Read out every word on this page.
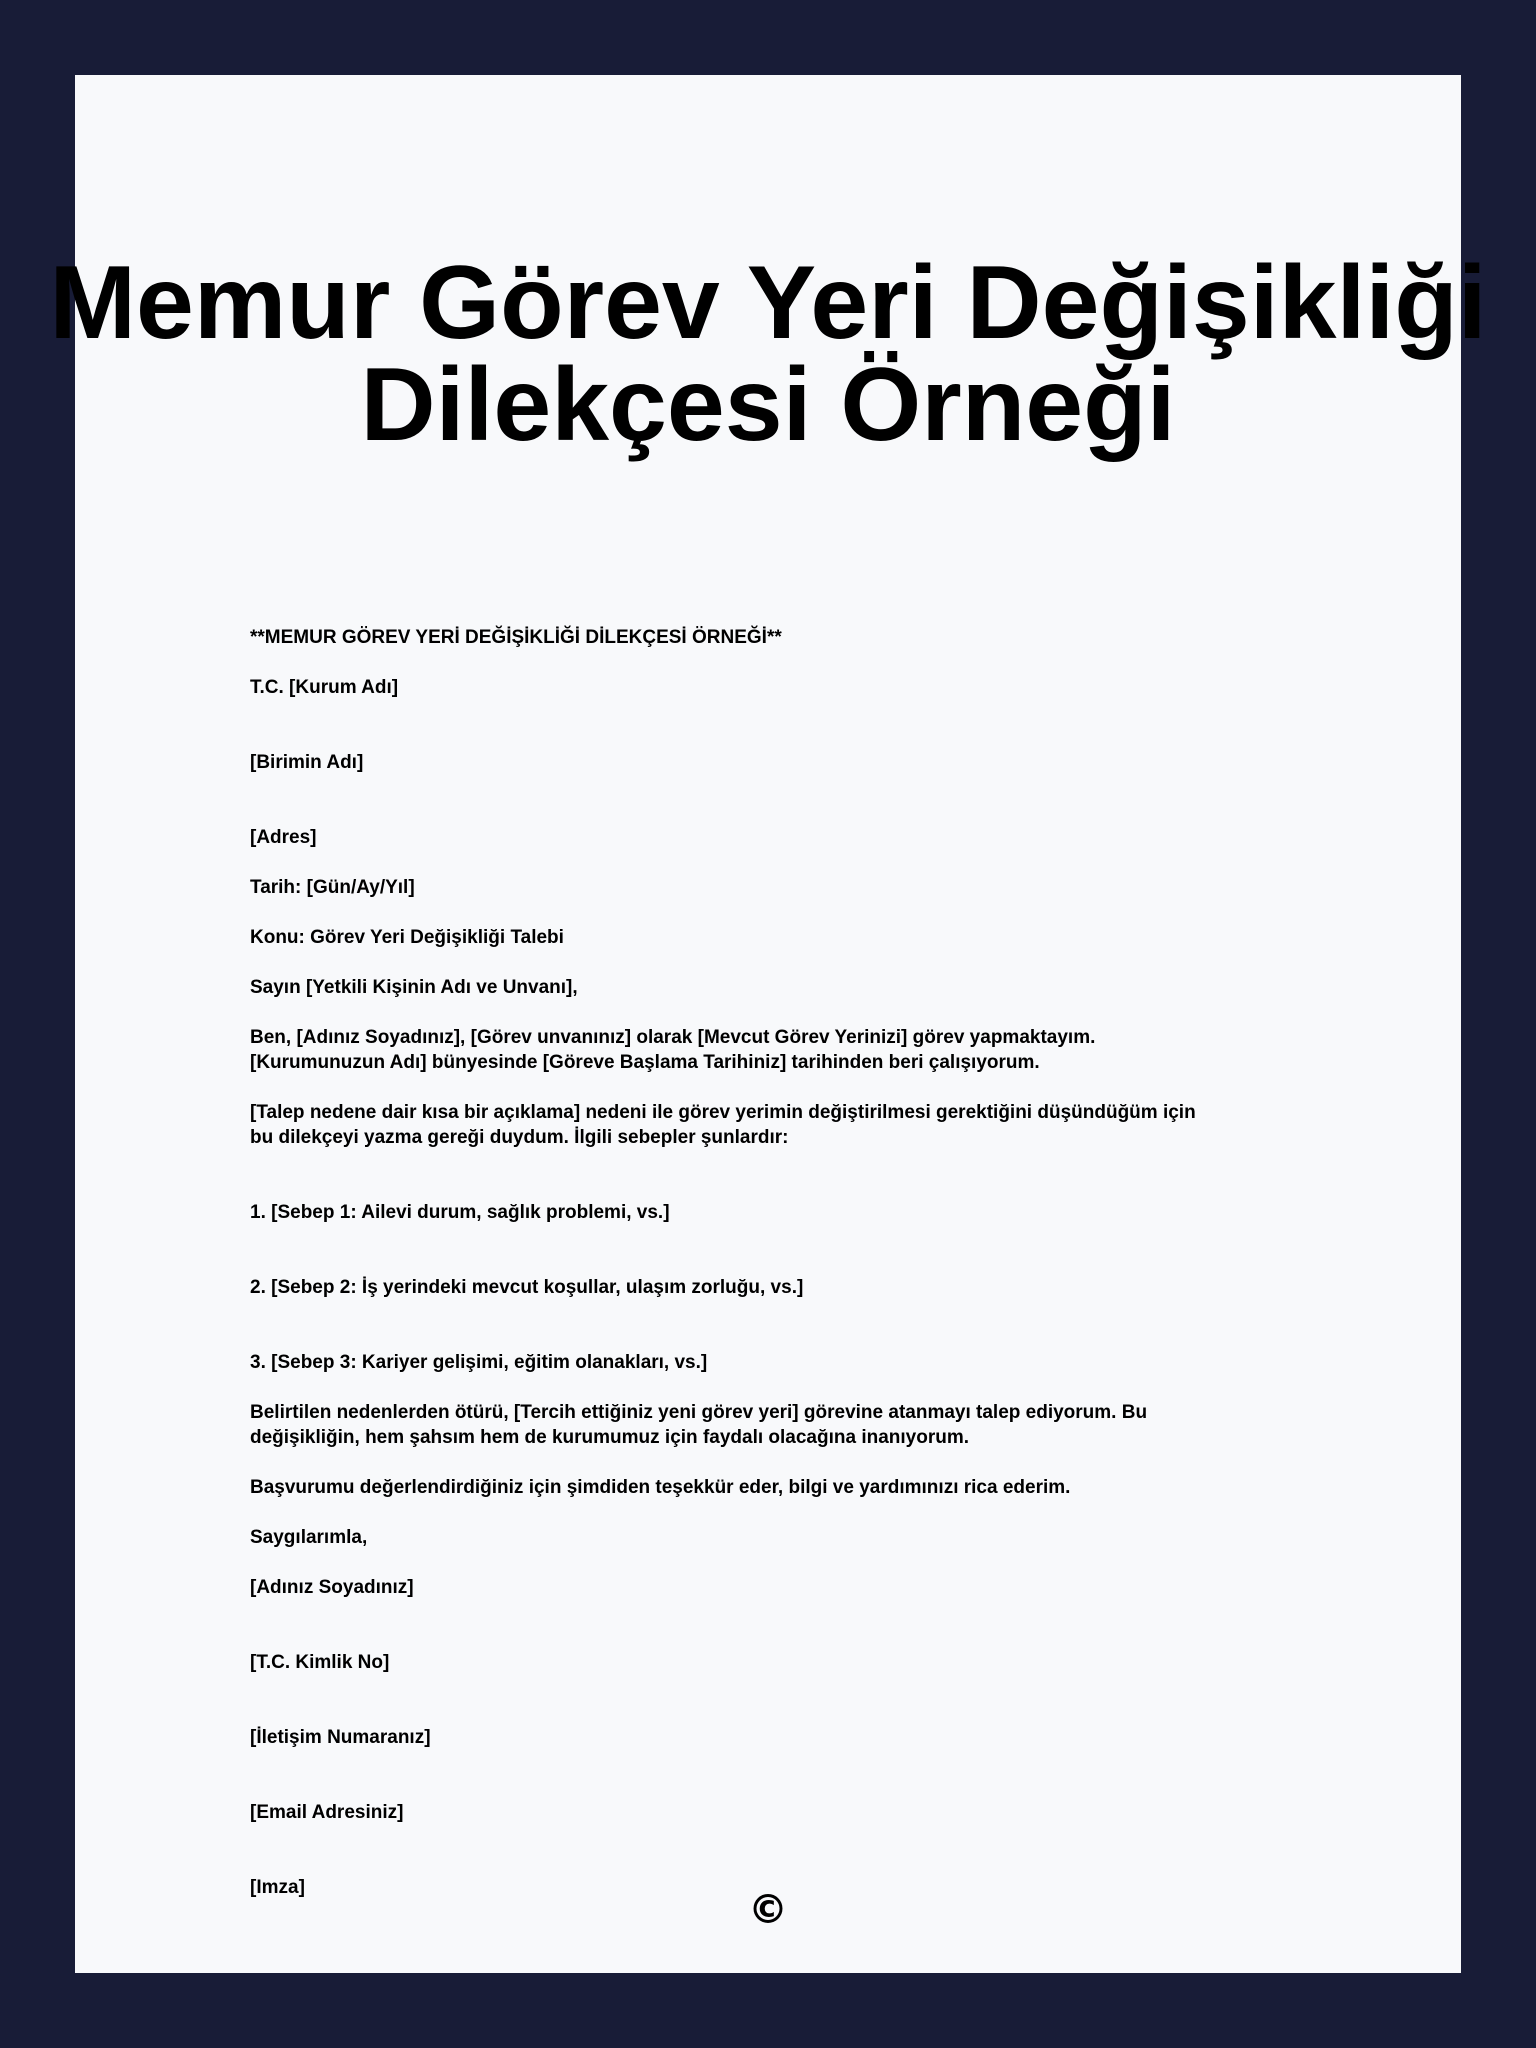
Memur Görev Yeri Değişikliği
Dilekçesi Örneği
**MEMUR GÖREV YERİ DEĞİŞİKLİĞİ DİLEKÇESİ ÖRNEĞİ**
T.C. [Kurum Adı]
[Birimin Adı]
[Adres]
Tarih: [Gün/Ay/Yıl]
Konu: Görev Yeri Değişikliği Talebi
Sayın [Yetkili Kişinin Adı ve Unvanı],
Ben, [Adınız Soyadınız], [Görev unvanınız] olarak [Mevcut Görev Yerinizi] görev yapmaktayım.
[Kurumunuzun Adı] bünyesinde [Göreve Başlama Tarihiniz] tarihinden beri çalışıyorum.
[Talep nedene dair kısa bir açıklama] nedeni ile görev yerimin değiştirilmesi gerektiğini düşündüğüm için
bu dilekçeyi yazma gereği duydum. İlgili sebepler şunlardır:
1. [Sebep 1: Ailevi durum, sağlık problemi, vs.]
2. [Sebep 2: İş yerindeki mevcut koşullar, ulaşım zorluğu, vs.]
3. [Sebep 3: Kariyer gelişimi, eğitim olanakları, vs.]
Belirtilen nedenlerden ötürü, [Tercih ettiğiniz yeni görev yeri] görevine atanmayı talep ediyorum. Bu
değişikliğin, hem şahsım hem de kurumumuz için faydalı olacağına inanıyorum.
Başvurumu değerlendirdiğiniz için şimdiden teşekkür eder, bilgi ve yardımınızı rica ederim.
Saygılarımla,
[Adınız Soyadınız]
[T.C. Kimlik No]
[İletişim Numaranız]
[Email Adresiniz]
[Imza]	©
